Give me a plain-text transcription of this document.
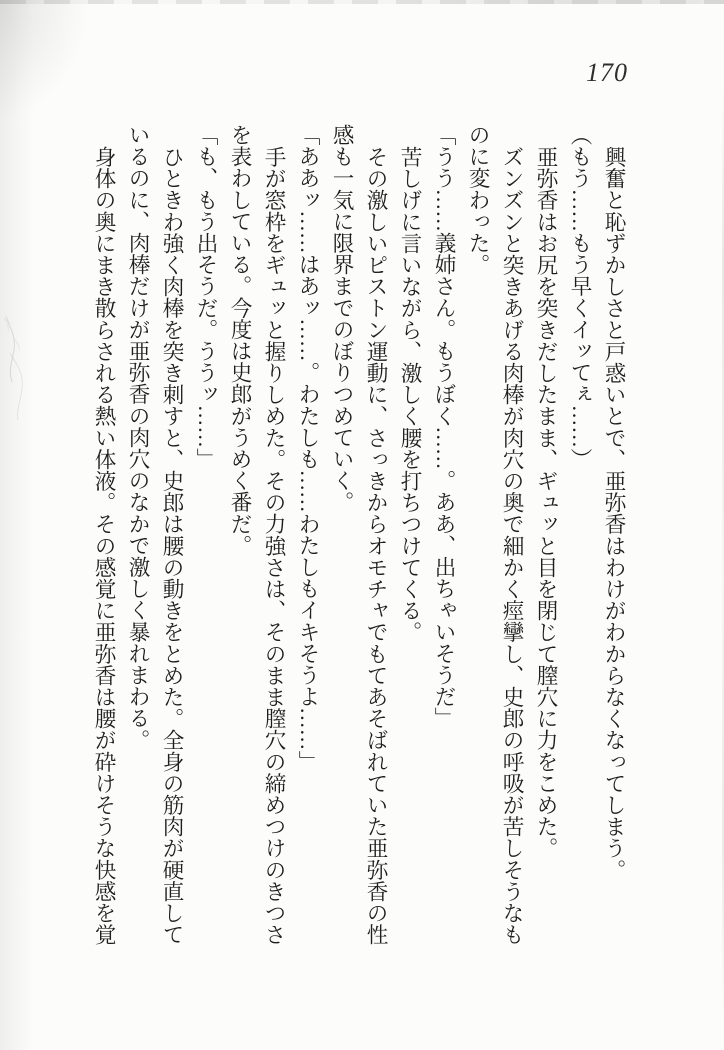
170

興奮と恥ずかしさと戸惑いとで、亜弥香はわけがわからなくなってしまう。

（もう……もう早くイッてぇ……）

亜弥香はお尻を突きだしたまま、ギュッと目を閉じて膣穴に力をこめた。

ズンズンと突きあげる肉棒が肉穴の奥で細かく痙攣し、史郎の呼吸が苦しそうなものに変わった。

「うう……義姉さん。もうぼく……。ああ、出ちゃいそうだ」

苦しげに言いながら、激しく腰を打ちつけてくる。

その激しいピストン運動に、さっきからオモチャでもてあそばれていた亜弥香の性感も一気に限界までのぼりつめていく。

「ああッ……はあッ……。わたしも……わたしもイキそうよ……」

手が窓枠をギュッと握りしめた。その力強さは、そのまま膣穴の締めつけのきつさを表わしている。今度は史郎がうめく番だ。

「も、もう出そうだ。ううッ……」

ひときわ強く肉棒を突き刺すと、史郎は腰の動きをとめた。全身の筋肉が硬直しているのに、肉棒だけが亜弥香の肉穴のなかで激しく暴れまわる。

身体の奥にまき散らされる熱い体液。その感覚に亜弥香は腰が砕けそうな快感を覚
